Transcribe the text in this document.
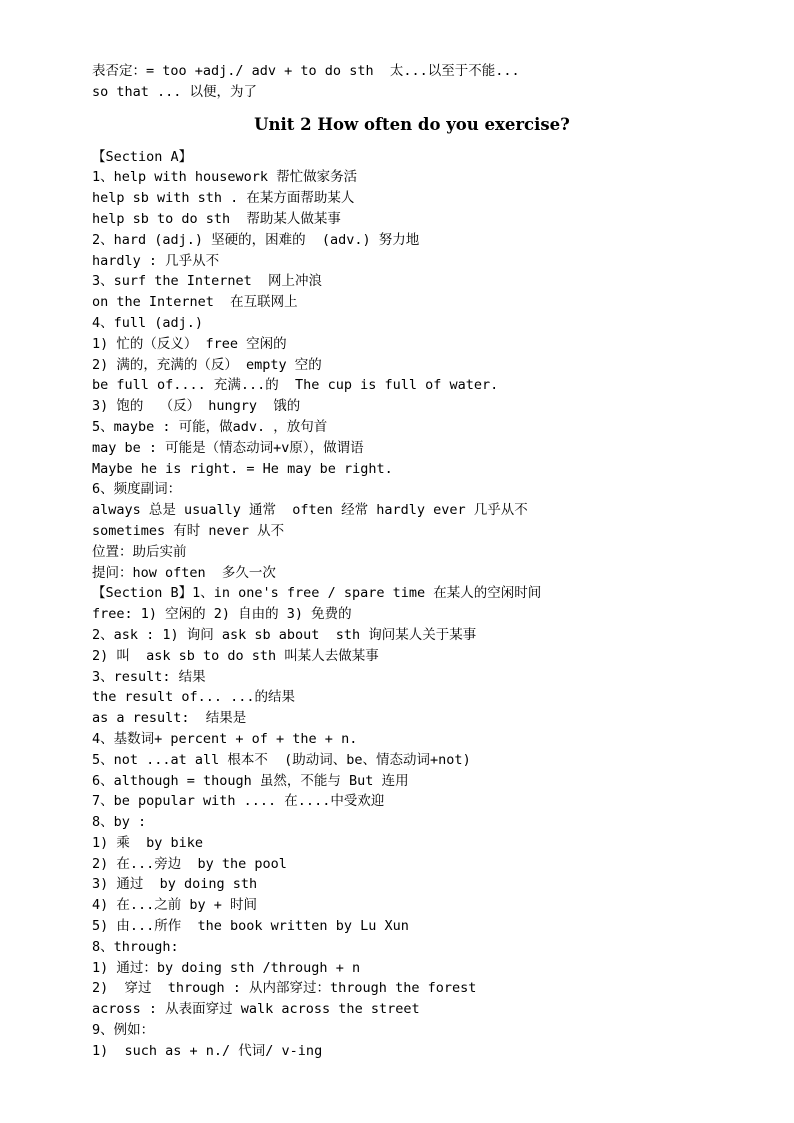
表否定：= too +adj./ adv + to do sth  太...以至于不能...
so that ... 以便，为了
Unit 2 How often do you exercise?
【Section A】
1、help with housework 帮忙做家务活
help sb with sth . 在某方面帮助某人
help sb to do sth  帮助某人做某事
2、hard (adj.) 坚硬的，困难的  (adv.) 努力地
hardly : 几乎从不
3、surf the Internet  网上冲浪
on the Internet  在互联网上
4、full (adj.)
1) 忙的（反义） free 空闲的
2) 满的，充满的（反） empty 空的
be full of.... 充满...的  The cup is full of water.
3) 饱的  （反） hungry  饿的
5、maybe : 可能，做adv. ，放句首
may be : 可能是（情态动词+v原），做谓语
Maybe he is right. = He may be right.
6、频度副词：
always 总是 usually 通常  often 经常 hardly ever 几乎从不
sometimes 有时 never 从不
位置：助后实前
提问：how often  多久一次
【Section B】1、in one's free / spare time 在某人的空闲时间
free: 1) 空闲的 2) 自由的 3) 免费的
2、ask : 1) 询问 ask sb about  sth 询问某人关于某事
2) 叫  ask sb to do sth 叫某人去做某事
3、result: 结果
the result of... ...的结果
as a result:  结果是
4、基数词+ percent + of + the + n.
5、not ...at all 根本不  (助动词、be、情态动词+not)
6、although = though 虽然，不能与 But 连用
7、be popular with .... 在....中受欢迎
8、by :
1) 乘  by bike
2) 在...旁边  by the pool
3) 通过  by doing sth
4) 在...之前 by + 时间
5) 由...所作  the book written by Lu Xun
8、through:
1) 通过：by doing sth /through + n
2)  穿过  through : 从内部穿过：through the forest
across : 从表面穿过 walk across the street
9、例如：
1)  such as + n./ 代词/ v-ing
